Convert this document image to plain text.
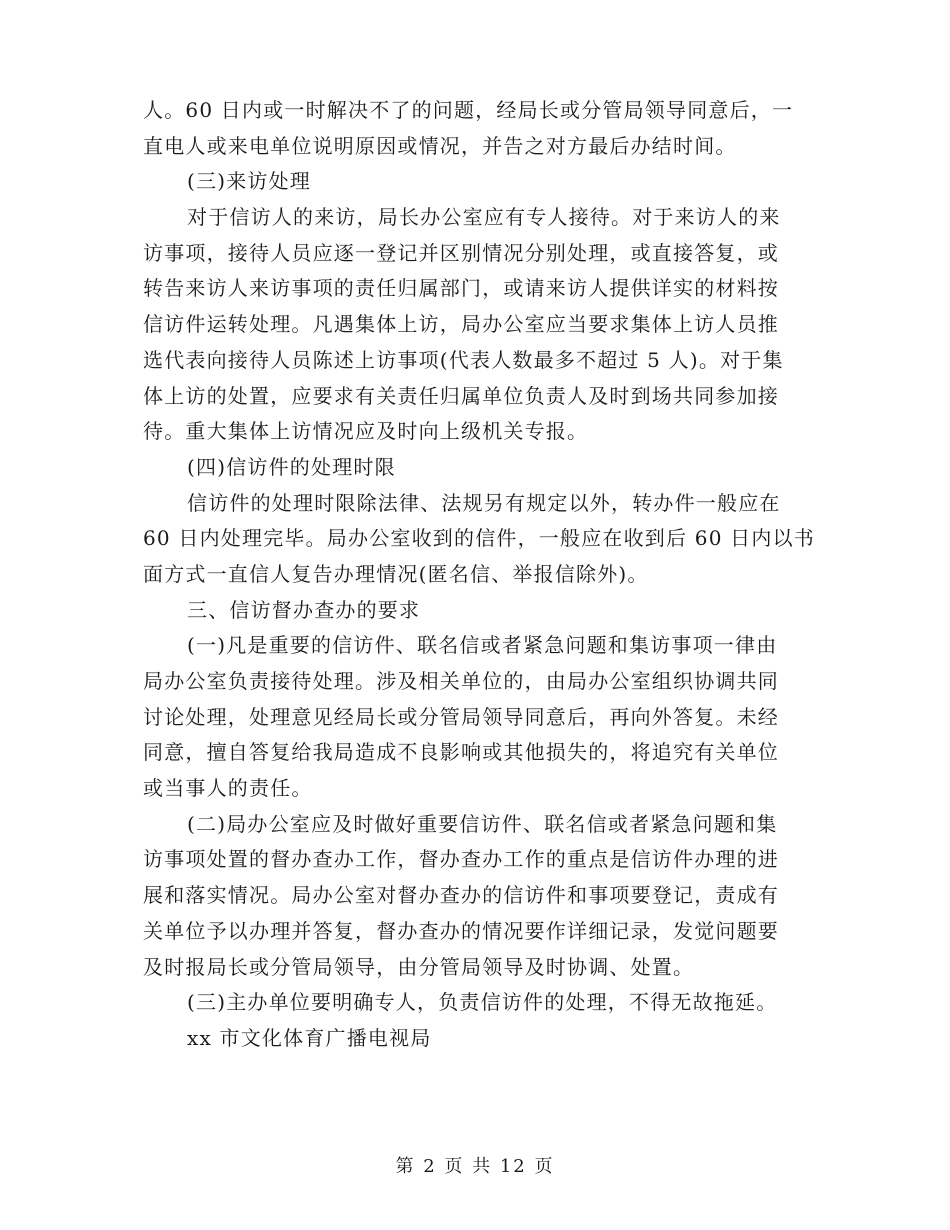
人。60 日内或一时解决不了的问题，经局长或分管局领导同意后，一
直电人或来电单位说明原因或情况，并告之对方最后办结时间。
(三)来访处理
对于信访人的来访，局长办公室应有专人接待。对于来访人的来
访事项，接待人员应逐一登记并区别情况分别处理，或直接答复，或
转告来访人来访事项的责任归属部门，或请来访人提供详实的材料按
信访件运转处理。凡遇集体上访，局办公室应当要求集体上访人员推
选代表向接待人员陈述上访事项(代表人数最多不超过 5 人)。对于集
体上访的处置，应要求有关责任归属单位负责人及时到场共同参加接
待。重大集体上访情况应及时向上级机关专报。
(四)信访件的处理时限
信访件的处理时限除法律、法规另有规定以外，转办件一般应在
60 日内处理完毕。局办公室收到的信件，一般应在收到后 60 日内以书
面方式一直信人复告办理情况(匿名信、举报信除外)。
三、信访督办查办的要求
(一)凡是重要的信访件、联名信或者紧急问题和集访事项一律由
局办公室负责接待处理。涉及相关单位的，由局办公室组织协调共同
讨论处理，处理意见经局长或分管局领导同意后，再向外答复。未经
同意，擅自答复给我局造成不良影响或其他损失的，将追究有关单位
或当事人的责任。
(二)局办公室应及时做好重要信访件、联名信或者紧急问题和集
访事项处置的督办查办工作，督办查办工作的重点是信访件办理的进
展和落实情况。局办公室对督办查办的信访件和事项要登记，责成有
关单位予以办理并答复，督办查办的情况要作详细记录，发觉问题要
及时报局长或分管局领导，由分管局领导及时协调、处置。
(三)主办单位要明确专人，负责信访件的处理，不得无故拖延。
xx 市文化体育广播电视局
第 2 页 共 12 页
